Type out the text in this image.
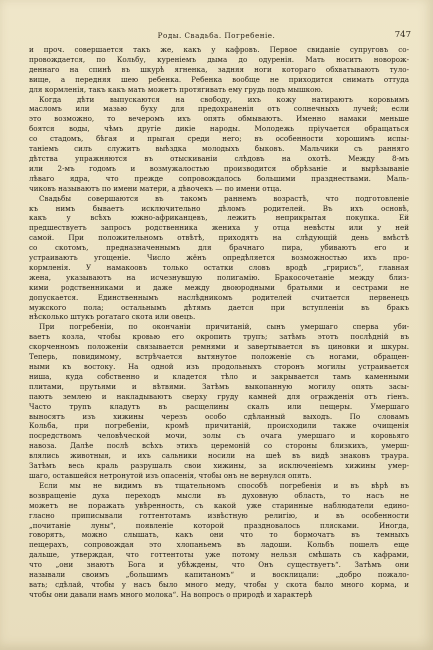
Роды. Свадьба. Погребеніе.	747
и проч. совершается такъ же, какъ у кафровъ. Первое свиданіе супруговъ со-
провождается, по Кольбу, куреніемъ дыма до одуренія. Мать носитъ новорож-
деннаго на спинѣ въ шкурѣ ягненка, задняя ноги котораго обхватываютъ туло-
вище, а передняя шею ребенка. Ребенка вообще не приходится снимать оттуда
для кормленія, такъ какъ мать можетъ протягивать ему грудь подъ мышкою.
Когда дѣти выпускаются на свободу, ихъ кожу натираютъ коровьимъ
масломъ или мазью буху для предохраненія отъ солнечныхъ лучей; если
это возможно, то вечеромъ ихъ опять обмываютъ. Именно намаки меньше
боятся воды, чѣмъ другіе дикіе народы. Молодежь пріучается обращаться
со стадомъ, бѣгая и прыгая среди него; въ особенности хорошимъ испы-
таніемъ силъ служитъ выѣздка молодыхъ быковъ. Мальчики съ ранняго
дѣтства упражняются въ отыскиваніи слѣдовъ на охотѣ. Между 8-мъ
или 2-мъ годомъ и возмужалостью производится обрѣзаніе и вырѣзываніе
лѣваго ядра, что прежде сопровождалось большими празднествами. Маль-
чиковъ называютъ по имени матери, а дѣвочекъ — по имени отца.
Свадьбы совершаются въ такомъ раннемъ возрастѣ, что подготовленіе
къ нимъ бываетъ исключительно дѣломъ родителей. Въ ихъ основѣ,
какъ у всѣхъ южно-африканцевъ, лежитъ неприкрытая покупка. Ей
предшествуетъ запросъ родственника жениха у отца невѣсты или у ней
самой. При положительномъ отвѣтѣ, приходятъ на слѣдующій день вмѣстѣ
со скотомъ, предназначеннымъ для брачнаго пира, убиваютъ его и
устраиваютъ угощеніе. Число жёнъ опредѣляется возможностью ихъ про-
кормленія. У намакоовъ только остатки словъ вродѣ „гририсъ“, главная
жена, указываютъ на исчезнувшую полигамію. Бракосочетаніе между близ-
кими родственниками и даже между двоюродными братьями и сестрами не
допускается. Единственнымъ наслѣдникомъ родителей считается первенецъ
мужского пола; остальнымъ дѣтямъ дается при вступленіи въ бракъ
нѣсколько штукъ рогатаго скота или овецъ.
При погребеніи, по окончаніи причитаній, сынъ умершаго сперва уби-
ваетъ козла, чтобы кровью его окропить трупъ; затѣмъ этотъ послѣдній въ
скорченномъ положеніи связывается ремнями и завертывается въ циновки и шкуры.
Теперь, повидимому, встрѣчается вытянутое положеніе съ ногами, обращен-
ными къ востоку. На одной изъ продольныхъ сторонъ могилы устраивается
ниша, куда собственно и кладется тѣло и закрывается тамъ каменными
плитами, прутьями и вѣтвями. Затѣмъ выкопанную могилу опять засы-
паютъ землею и накладываютъ сверху груду камней для огражденія отъ гіенъ.
Часто трупъ кладутъ въ расщелины скалъ или пещеры. Умершаго
выносятъ изъ хижины черезъ особо сдѣланный выходъ. По словамъ
Кольба, при погребеніи, кромѣ причитаній, происходили также очищенія
посредствомъ человѣческой мочи, золы съ очага умершаго и коровьяго
навоза. Далѣе послѣ всѣхъ этихъ церемоній со стороны близкихъ, умерш-
влялись животныя, и ихъ сальники носили на шеѣ въ видѣ знаковъ траура.
Затѣмъ весь краль разрушалъ свои хижины, за исключеніемъ хижины умер-
шаго, оставшейся нетронутой изъ опасенія, чтобы онъ не вернулся опять.
Если мы не видимъ въ тщательномъ способѣ погребенія и въ вѣрѣ въ
возвращеніе духа переходъ мысли въ духовную область, то насъ не
можетъ не поражать увѣренность, съ какой уже старинные наблюдатели едино-
гласно приписывали готтентотамъ извѣстную религію, и въ особенности
„почитаніе луны“, появленіе которой праздновалось плясками. Иногда,
говорятъ, можно слышать, какъ они что то бормочатъ въ темныхъ
пещерахъ, сопровождая это хлопаньемъ въ ладоши. Кольбъ пошелъ еще
дальше, утверждая, что готтентоты уже потому нельзя смѣшать съ кафрами,
что „они знаютъ Бога и убѣждены, что Онъ существуетъ“. Затѣмъ они
называли своимъ „большимъ капитаномъ“ и восклицали: „добро пожало-
вать; сдѣлай, чтобы у насъ было много меду, чтобы у скота было много корма, и
чтобы они давали намъ много молока“. На вопросъ о природѣ и характерѣ
